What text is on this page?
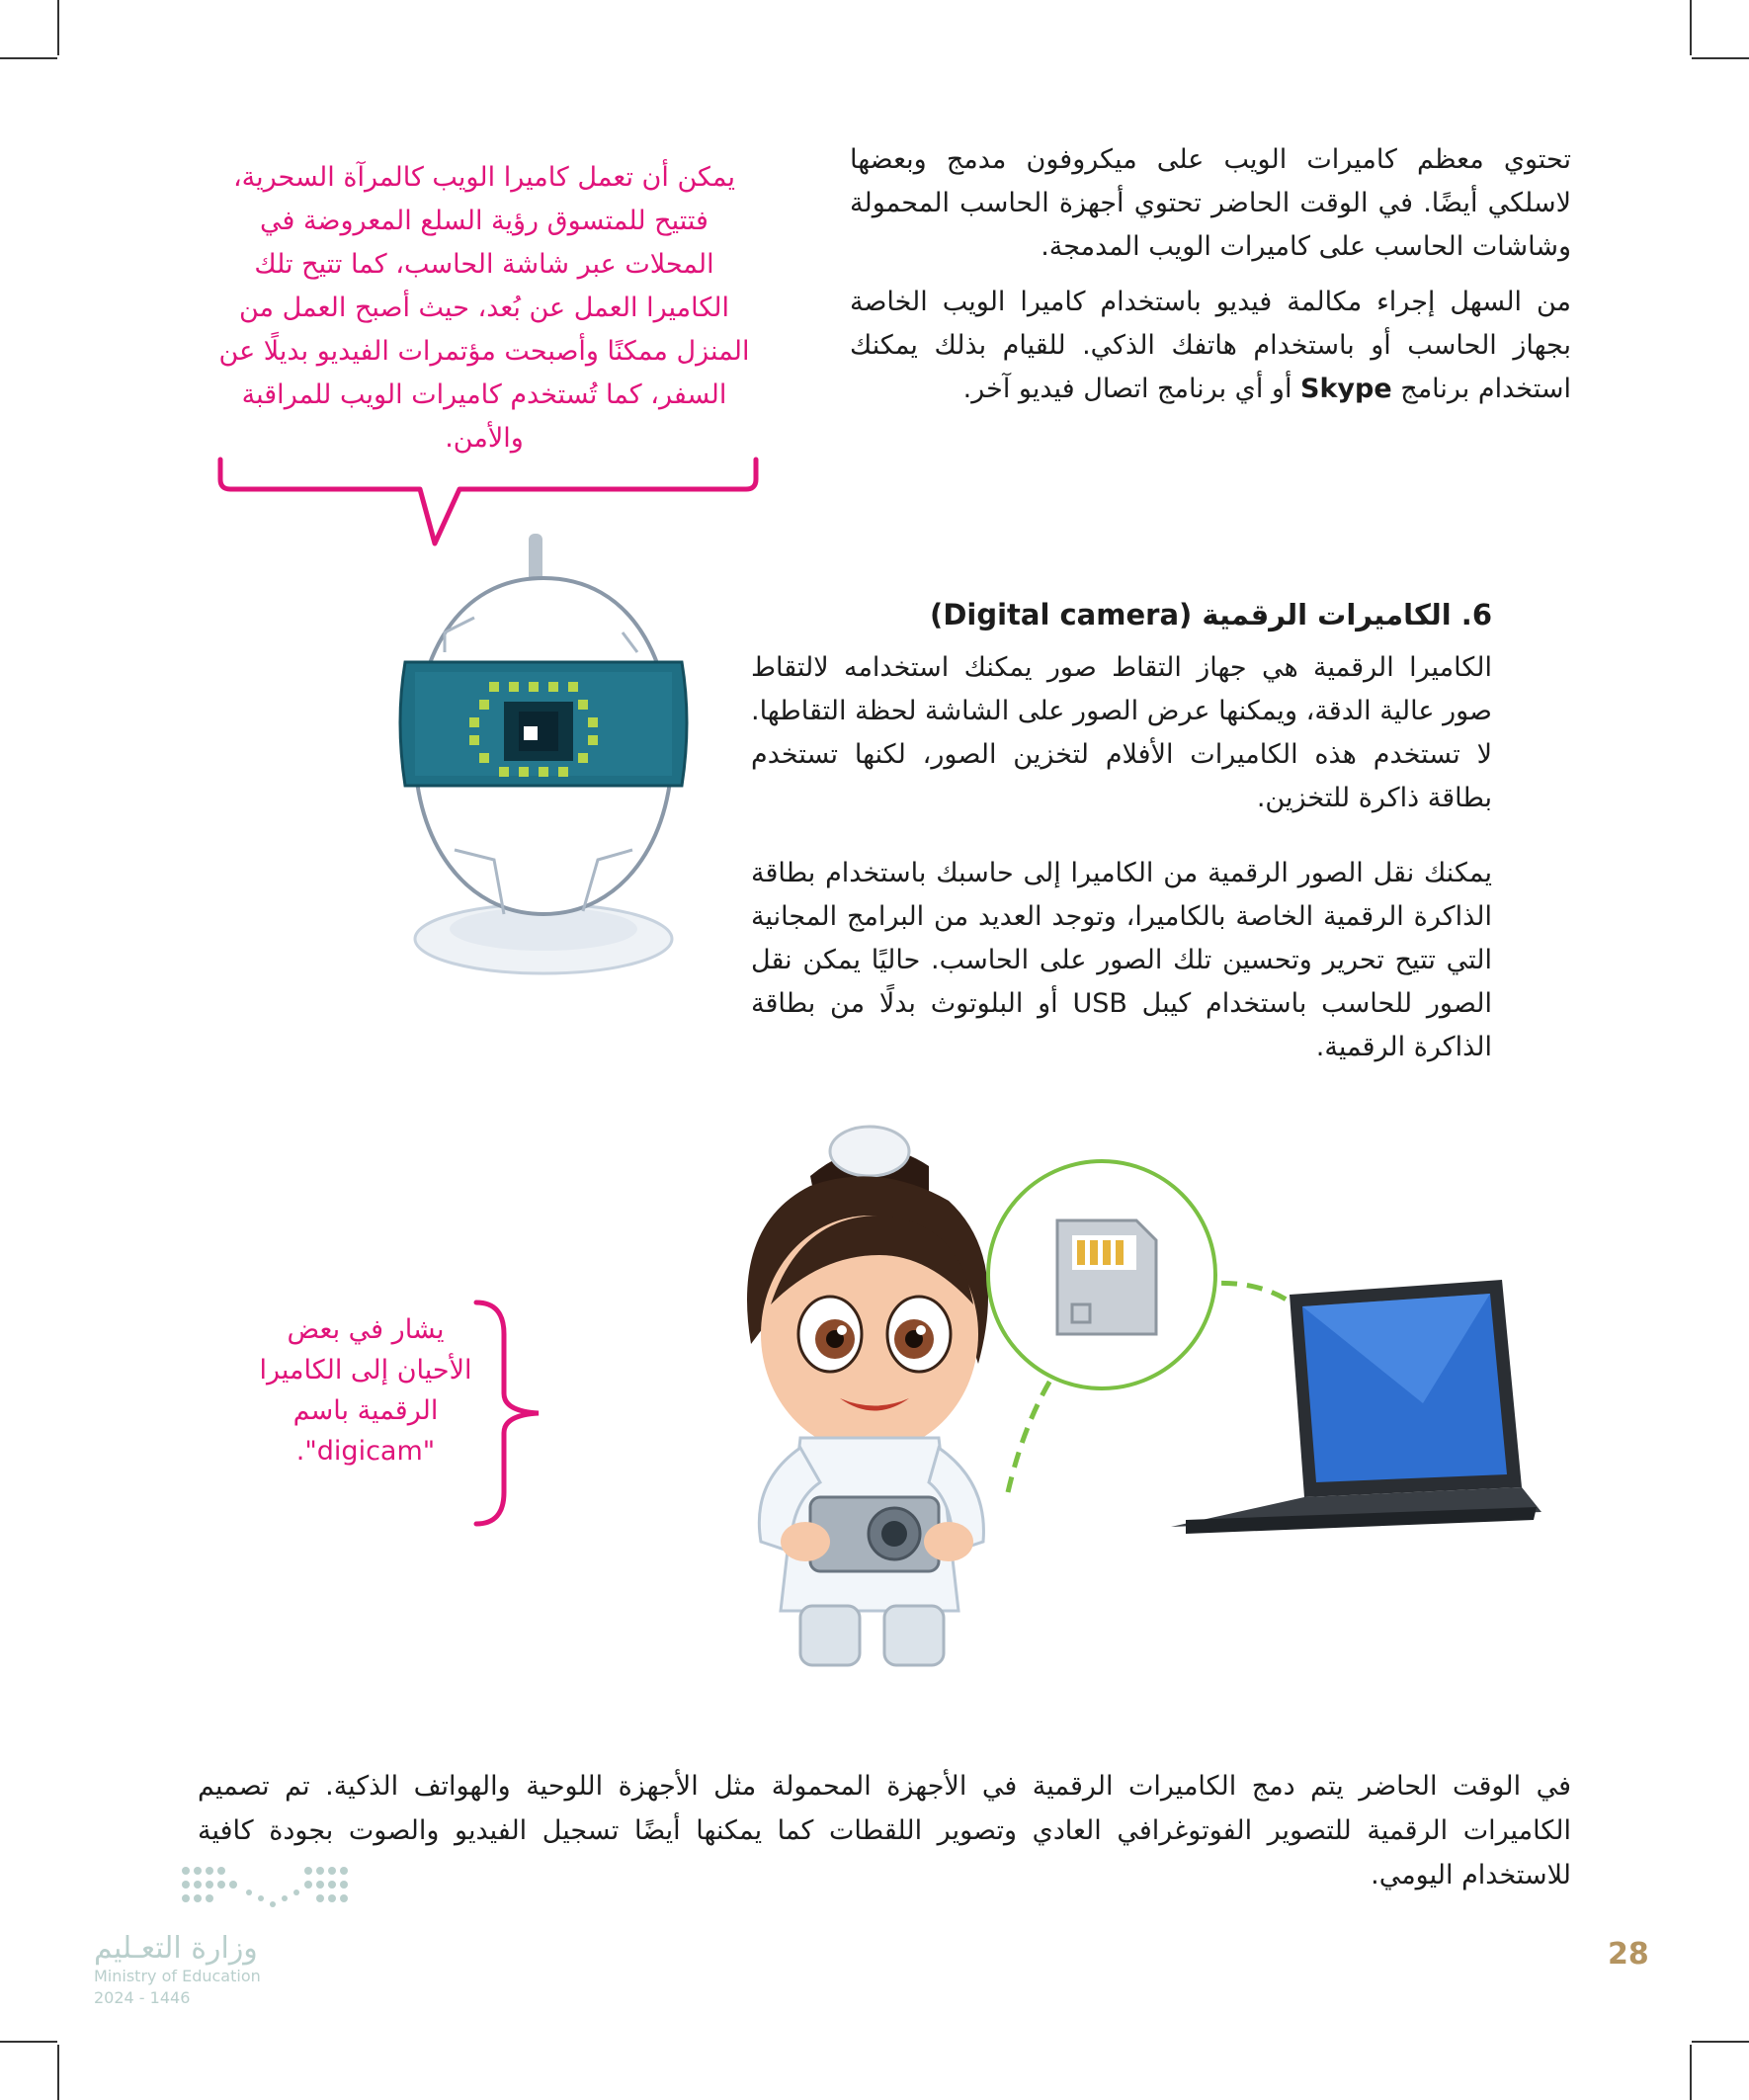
تحتوي معظم كاميرات الويب على ميكروفون مدمج وبعضها لاسلكي أيضًا. في الوقت الحاضر تحتوي أجهزة الحاسب المحمولة وشاشات الحاسب على كاميرات الويب المدمجة.

من السهل إجراء مكالمة فيديو باستخدام كاميرا الويب الخاصة بجهاز الحاسب أو باستخدام هاتفك الذكي. للقيام بذلك يمكنك استخدام برنامج Skype أو أي برنامج اتصال فيديو آخر.

يمكن أن تعمل كاميرا الويب كالمرآة السحرية، فتتيح للمتسوق رؤية السلع المعروضة في المحلات عبر شاشة الحاسب، كما تتيح تلك الكاميرا العمل عن بُعد، حيث أصبح العمل من المنزل ممكنًا وأصبحت مؤتمرات الفيديو بديلًا عن السفر، كما تُستخدم كاميرات الويب للمراقبة والأمن.
6. الكاميرات الرقمية (Digital camera)

الكاميرا الرقمية هي جهاز التقاط صور يمكنك استخدامه لالتقاط صور عالية الدقة، ويمكنها عرض الصور على الشاشة لحظة التقاطها. لا تستخدم هذه الكاميرات الأفلام لتخزين الصور، لكنها تستخدم بطاقة ذاكرة للتخزين.

يمكنك نقل الصور الرقمية من الكاميرا إلى حاسبك باستخدام بطاقة الذاكرة الرقمية الخاصة بالكاميرا، وتوجد العديد من البرامج المجانية التي تتيح تحرير وتحسين تلك الصور على الحاسب. حاليًا يمكن نقل الصور للحاسب باستخدام كيبل USB أو البلوتوث بدلًا من بطاقة الذاكرة الرقمية.

يشار في بعض الأحيان إلى الكاميرا الرقمية باسم "digicam".
في الوقت الحاضر يتم دمج الكاميرات الرقمية في الأجهزة المحمولة مثل الأجهزة اللوحية والهواتف الذكية. تم تصميم الكاميرات الرقمية للتصوير الفوتوغرافي العادي وتصوير اللقطات كما يمكنها أيضًا تسجيل الفيديو والصوت بجودة كافية للاستخدام اليومي.
وزارة التعـليم
Ministry of Education
2024 - 1446
28
